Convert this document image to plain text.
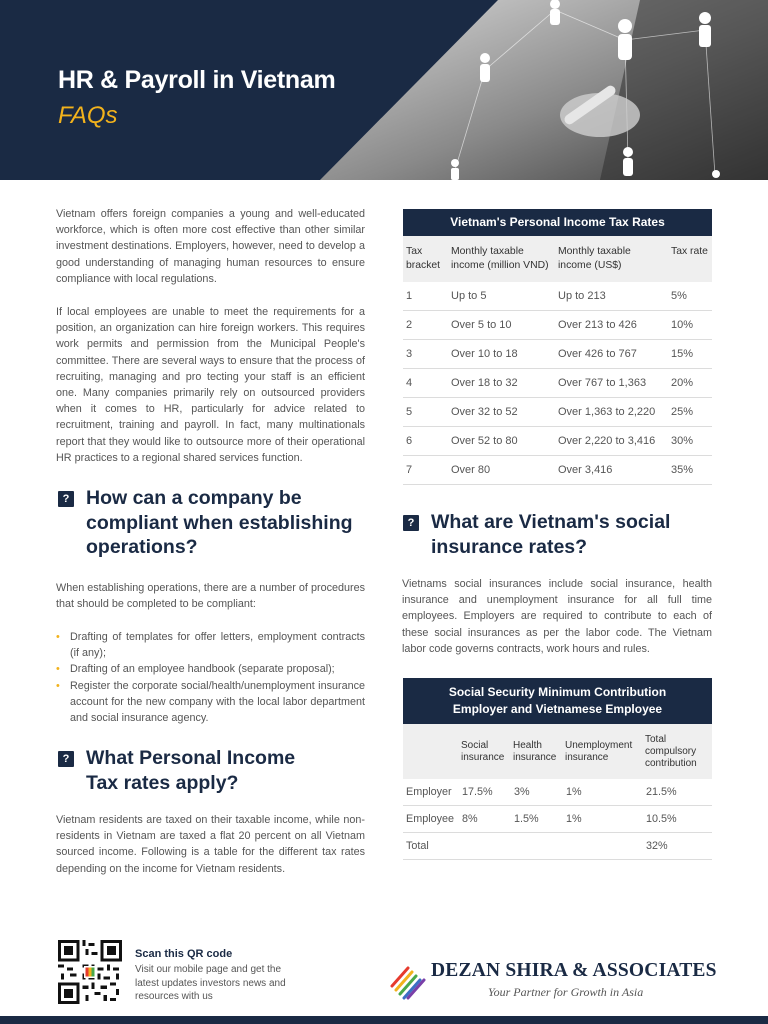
HR & Payroll in Vietnam
FAQs
Vietnam offers foreign companies a young and well-educated workforce, which is often more cost effective than other similar investment destinations. Employers, however, need to develop a good understanding of managing human resources to ensure compliance with local regulations.
If local employees are unable to meet the requirements for a position, an organization can hire foreign workers. This requires work permits and permission from the Municipal People's committee. There are several ways to ensure that the process of recruiting, managing and pro tecting your staff is an efficient one. Many companies primarily rely on outsourced providers when it comes to HR, particularly for advice related to recruitment, training and payroll. In fact, many multinationals report that they would like to outsource more of their operational HR practices to a regional shared services function.
? How can a company be compliant when establishing operations?
When establishing operations, there are a number of procedures that should be completed to be compliant:
• Drafting of templates for offer letters, employment contracts (if any);
• Drafting of an employee handbook (separate proposal);
• Register the corporate social/health/unemployment insurance account for the new company with the local labor department and social insurance agency.
? What Personal Income Tax rates apply?
Vietnam residents are taxed on their taxable income, while non-residents in Vietnam are taxed a flat 20 percent on all Vietnam sourced income. Following is a table for the different tax rates depending on the income for Vietnam residents.
Vietnam's Personal Income Tax Rates
Tax bracket	Monthly taxable income (million VND)	Monthly taxable income (US$)	Tax rate
1	Up to 5	Up to 213	5%
2	Over 5 to 10	Over 213 to 426	10%
3	Over 10 to 18	Over 426 to 767	15%
4	Over 18 to 32	Over 767 to 1,363	20%
5	Over 32 to 52	Over 1,363 to 2,220	25%
6	Over 52 to 80	Over 2,220 to 3,416	30%
7	Over 80	Over 3,416	35%
? What are Vietnam's social insurance rates?
Vietnams social insurances include social insurance, health insurance and unemployment insurance for all full time employees. Employers are required to contribute to each of these social insurances as per the labor code. The Vietnam labor code governs contracts, work hours and rules.
Social Security Minimum Contribution
Employer and Vietnamese Employee
	Social insurance	Health insurance	Unemployment insurance	Total compulsory contribution
Employer	17.5%	3%	1%	21.5%
Employee	8%	1.5%	1%	10.5%
Total				32%
Scan this QR code
Visit our mobile page and get the latest updates investors news and resources with us
DEZAN SHIRA & ASSOCIATES
Your Partner for Growth in Asia
